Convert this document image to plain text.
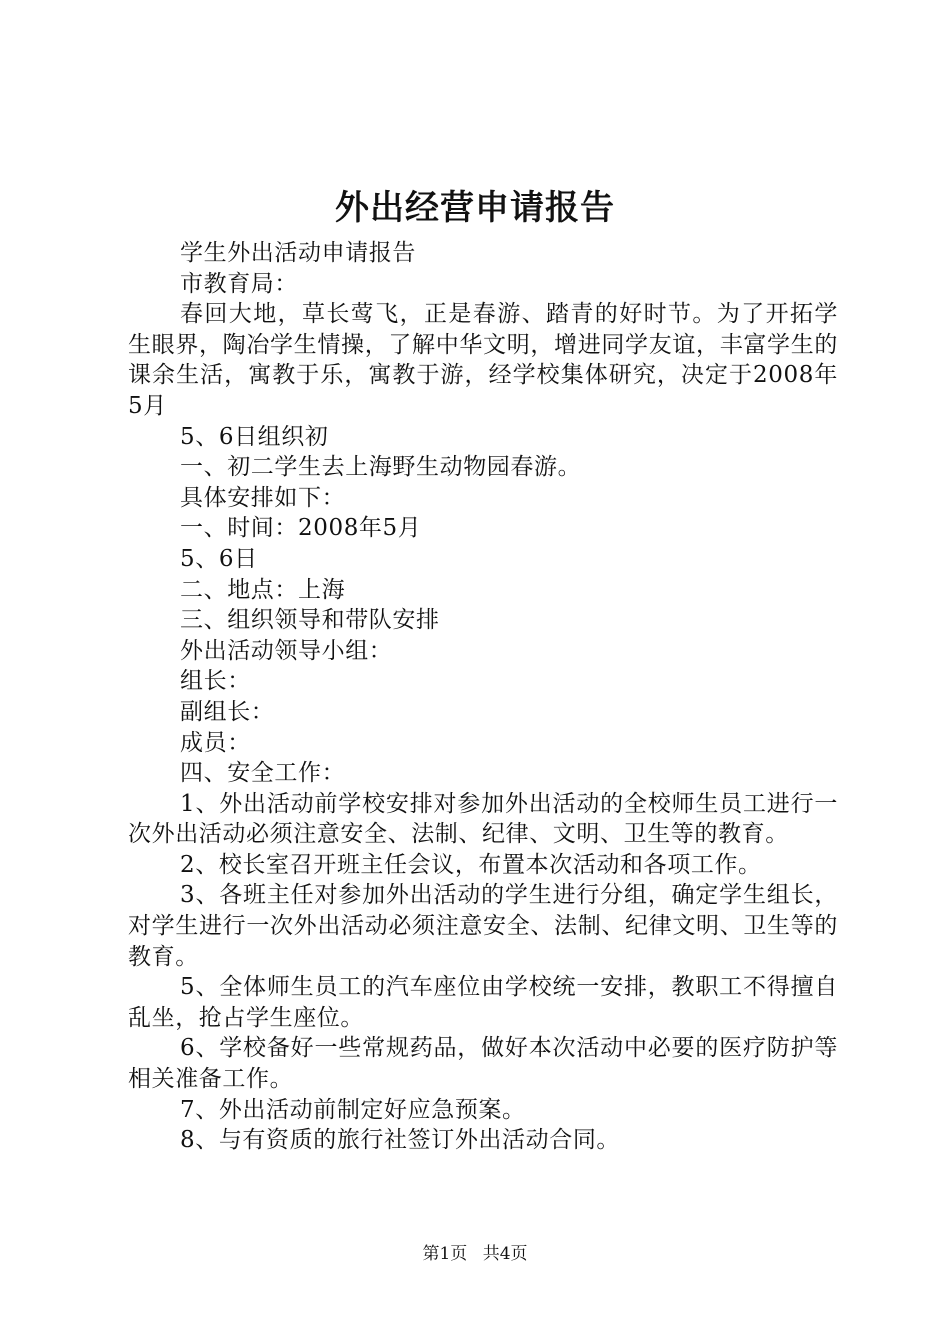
外出经营申请报告

学生外出活动申请报告

市教育局：

春回大地，草长莺飞，正是春游、踏青的好时节。为了开拓学生眼界，陶冶学生情操，了解中华文明，增进同学友谊，丰富学生的课余生活，寓教于乐，寓教于游，经学校集体研究，决定于2008年5月

5、6日组织初

一、初二学生去上海野生动物园春游。

具体安排如下：

一、时间：2008年5月

5、6日

二、地点：上海

三、组织领导和带队安排

外出活动领导小组：

组长：

副组长：

成员：

四、安全工作：

1、外出活动前学校安排对参加外出活动的全校师生员工进行一次外出活动必须注意安全、法制、纪律、文明、卫生等的教育。

2、校长室召开班主任会议，布置本次活动和各项工作。

3、各班主任对参加外出活动的学生进行分组，确定学生组长，对学生进行一次外出活动必须注意安全、法制、纪律文明、卫生等的教育。

5、全体师生员工的汽车座位由学校统一安排，教职工不得擅自乱坐，抢占学生座位。

6、学校备好一些常规药品，做好本次活动中必要的医疗防护等相关准备工作。

7、外出活动前制定好应急预案。

8、与有资质的旅行社签订外出活动合同。

第1页 共4页
